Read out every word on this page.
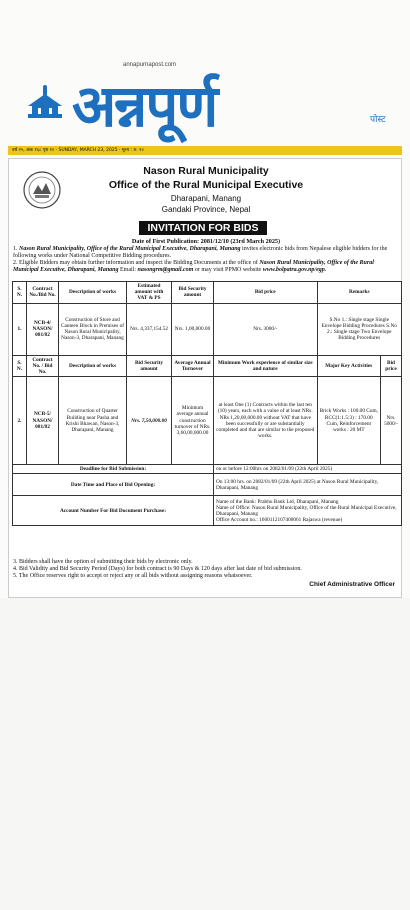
annapurnapost.com
अन्नपूर्ण	पोस्ट
वर्ष २५, अंक १६८ पृष्ठ १० · SUNDAY, MARCH 23, 2025 · मूल्य : रु. १०
Nason Rural Municipality
Office of the Rural Municipal Executive
Dharapani, Manang
Gandaki Province, Nepal
INVITATION FOR BIDS
Date of First Publication: 2081/12/10 (23rd March 2025)
1. Nason Rural Municipality, Office of the Rural Municipal Executive, Dharapani, Manang invites electronic bids from Nepalese eligible bidders for the following works under National Competitive Bidding procedures.
2. Eligible Bidders may obtain further information and inspect the Bidding Documents at the office of Nason Rural Municipality, Office of the Rural Municipal Executive, Dharapani, Manang Email: nasongrm@gmail.com or may visit PPMO website www.bolpatra.gov.np/egp.
S. N.	Contract No./Bid No.	Description of works	Estimated amount with VAT & PS	Bid Security amount	Bid price	Remarks	
1.	NCB-4/ NASON/ 081/82	Construction of Store and Canteen Block in Premises of Nason Rural Municipality, Nason-3, Dharapani, Manang	Nrs. 4,337,154.52	Nrs. 1,00,000.00	Nrs. 3000/-	S.No 1.: Single stage Single Envelope Bidding Procedures S.No 2.: Single stage Two Envelope Bidding Procedures	
S. N.	Contract No. / Bid No.	Description of works	Bid Security amount	Average Annual Turnover	Minimum Work experience of similar size and nature	Major Key Activities	Bid price
2.	NCB-5/ NASON/ 081/82	Construction of Quarter Building near Pasha and Krishi Bhawan, Nason-3, Dharapani, Manang	Nrs. 7,50,000.00	Minimum average annual construction turnover of NRs. 3,60,00,000.00	at least One (1) Contracts within the last ten (10) years, each with a value of at least NRs. NRs 1,20,00,000.00 without VAT that have been successfully or are substantially completed and that are similar to the proposed works.	Brick Works : 100.00 Cum, RCC(1:1.5:3) : 170.00 Cum, Reinforcement works : 20 MT	Nrs. 5000/-
Deadline for Bid Submission:					on or before 12:00hrs on 2082/01/09 (22th April 2025)		
Date Time and Place of Bid Opening:					On 13:00 hrs. on 2082/01/09 (22th April 2025) at Nason Rural Municipality, Dharapani, Manang		
Account Number For Bid Document Purchase:					Name of the Bank: Prabhu Bank Ltd, Dharapani, Manang
Name of Office: Nason Rural Municipality, Office of the Rural Municipal Executive, Dharapani, Manang
Office Account no.: 1600112107400061 Rajaswa (revenue)		
3. Bidders shall have the option of submitting their bids by electronic only.
4. Bid Validity and Bid Security Period (Days) for both contract is 90 Days & 120 days after last date of bid submission.
5. The Office reserves right to accept or reject any or all bids without assigning reasons whatsoever.
Chief Administrative Officer
